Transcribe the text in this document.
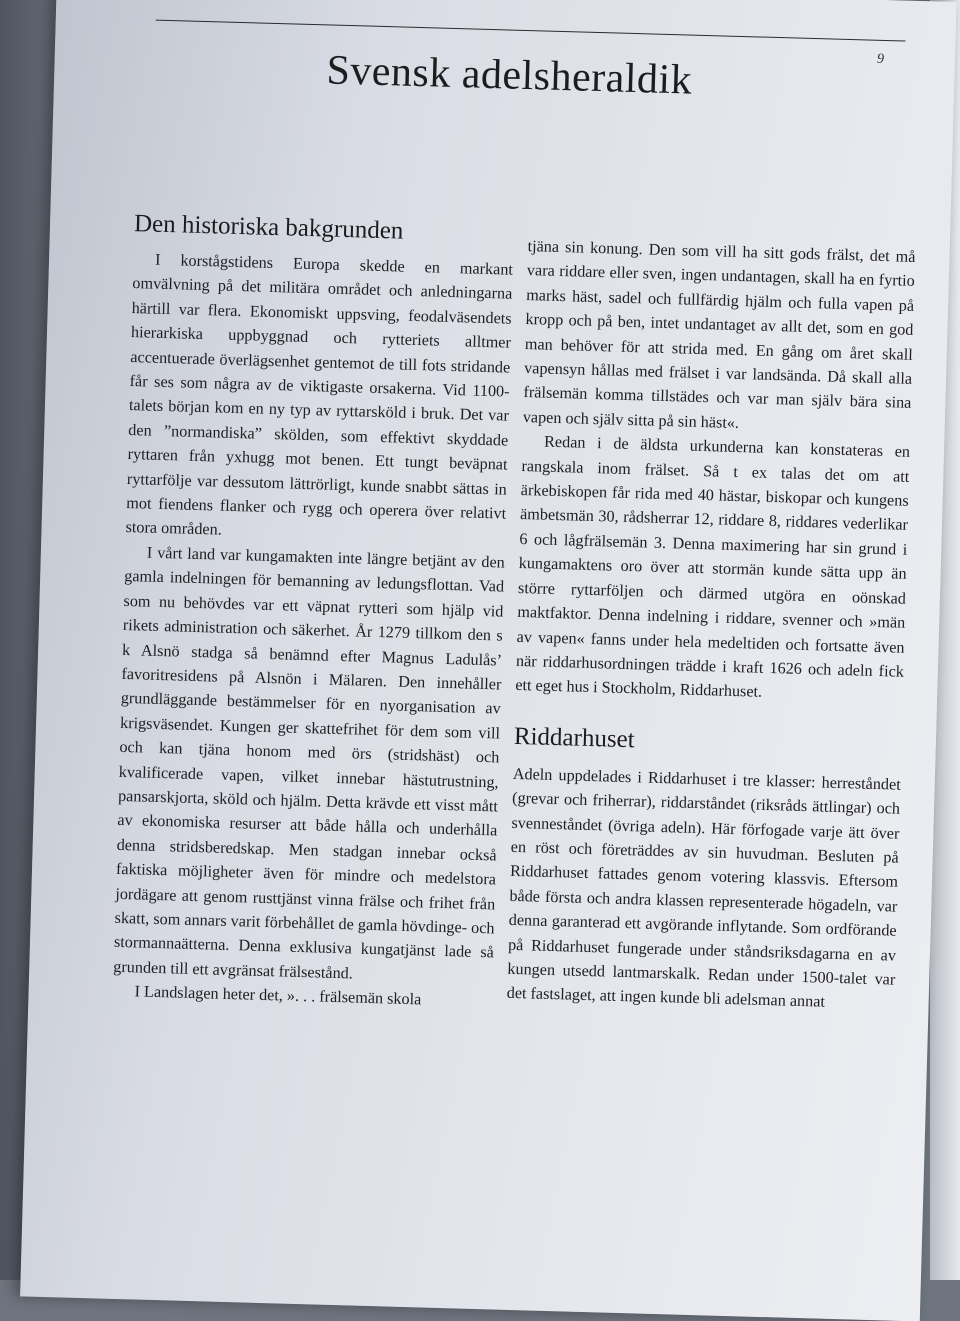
9
Svensk adelsheraldik
Den historiska bakgrunden

I korstågstidens Europa skedde en markant omvälvning på det militära området och anledningarna härtill var flera. Ekonomiskt uppsving, feodalväsendets hierarkiska uppbyggnad och rytteriets alltmer accentuerade överlägsenhet gentemot de till fots stridande får ses som några av de viktigaste orsakerna. Vid 1100-talets början kom en ny typ av ryttarsköld i bruk. Det var den ”normandiska” skölden, som effektivt skyddade ryttaren från yxhugg mot benen. Ett tungt beväpnat ryttarfölje var dessutom lättrörligt, kunde snabbt sättas in mot fiendens flanker och rygg och operera över relativt stora områden.

I vårt land var kungamakten inte längre betjänt av den gamla indelningen för bemanning av ledungsflottan. Vad som nu behövdes var ett väpnat rytteri som hjälp vid rikets administration och säkerhet. År 1279 tillkom den s k Alsnö stadga så benämnd efter Magnus Ladulås’ favoritresidens på Alsnön i Mälaren. Den innehåller grundläggande bestämmelser för en nyorganisation av krigsväsendet. Kungen ger skattefrihet för dem som vill och kan tjäna honom med örs (stridshäst) och kvalificerade vapen, vilket innebar hästutrustning, pansarskjorta, sköld och hjälm. Detta krävde ett visst mått av ekonomiska resurser att både hålla och underhålla denna stridsberedskap. Men stadgan innebar också faktiska möjligheter även för mindre och medelstora jordägare att genom rusttjänst vinna frälse och frihet från skatt, som annars varit förbehållet de gamla hövdinge- och stormannaätterna. Denna exklusiva kungatjänst lade så grunden till ett avgränsat frälsestånd.

I Landslagen heter det, ». . . frälsemän skola

tjäna sin konung. Den som vill ha sitt gods frälst, det må vara riddare eller sven, ingen undantagen, skall ha en fyrtio marks häst, sadel och fullfärdig hjälm och fulla vapen på kropp och på ben, intet undantaget av allt det, som en god man behöver för att strida med. En gång om året skall vapensyn hållas med frälset i var landsända. Då skall alla frälsemän komma tillstädes och var man själv bära sina vapen och själv sitta på sin häst«.

Redan i de äldsta urkunderna kan konstateras en rangskala inom frälset. Så t ex talas det om att ärkebiskopen får rida med 40 hästar, biskopar och kungens ämbetsmän 30, rådsherrar 12, riddare 8, riddares vederlikar 6 och lågfrälsemän 3. Denna maximering har sin grund i kungamaktens oro över att stormän kunde sätta upp än större ryttarföljen och därmed utgöra en oönskad maktfaktor. Denna indelning i riddare, svenner och »män av vapen« fanns under hela medeltiden och fortsatte även när riddarhusordningen trädde i kraft 1626 och adeln fick ett eget hus i Stockholm, Riddarhuset.

Riddarhuset

Adeln uppdelades i Riddarhuset i tre klasser: herreståndet (grevar och friherrar), riddarståndet (riksråds ättlingar) och svenneståndet (övriga adeln). Här förfogade varje ätt över en röst och företräddes av sin huvudman. Besluten på Riddarhuset fattades genom votering klassvis. Eftersom både första och andra klassen representerade högadeln, var denna garanterad ett avgörande inflytande. Som ordförande på Riddarhuset fungerade under ståndsriksdagarna en av kungen utsedd lantmarskalk. Redan under 1500-talet var det fastslaget, att ingen kunde bli adelsman annat
